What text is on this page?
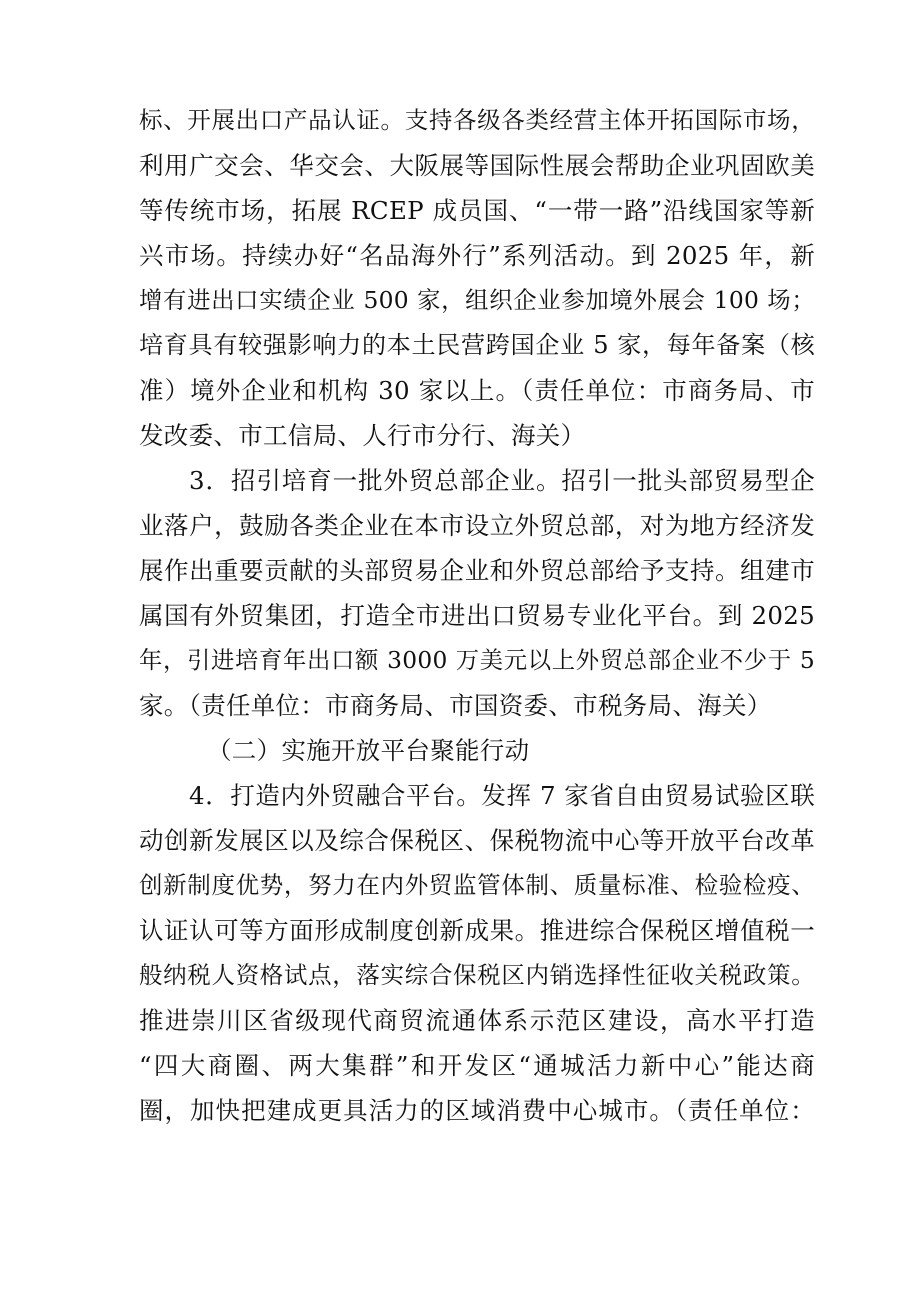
标、开展出口产品认证。支持各级各类经营主体开拓国际市场，
利用广交会、华交会、大阪展等国际性展会帮助企业巩固欧美
等传统市场，拓展 RCEP 成员国、“一带一路”沿线国家等新
兴市场。持续办好“名品海外行”系列活动。到 2025 年，新
增有进出口实绩企业 500 家，组织企业参加境外展会 100 场；
培育具有较强影响力的本土民营跨国企业 5 家，每年备案（核
准）境外企业和机构 30 家以上。（责任单位：市商务局、市
发改委、市工信局、人行市分行、海关）
3．招引培育一批外贸总部企业。招引一批头部贸易型企
业落户，鼓励各类企业在本市设立外贸总部，对为地方经济发
展作出重要贡献的头部贸易企业和外贸总部给予支持。组建市
属国有外贸集团，打造全市进出口贸易专业化平台。到 2025
年，引进培育年出口额 3000 万美元以上外贸总部企业不少于 5
家。（责任单位：市商务局、市国资委、市税务局、海关）
（二）实施开放平台聚能行动
4．打造内外贸融合平台。发挥 7 家省自由贸易试验区联
动创新发展区以及综合保税区、保税物流中心等开放平台改革
创新制度优势，努力在内外贸监管体制、质量标准、检验检疫、
认证认可等方面形成制度创新成果。推进综合保税区增值税一
般纳税人资格试点，落实综合保税区内销选择性征收关税政策。
推进崇川区省级现代商贸流通体系示范区建设，高水平打造
“四大商圈、两大集群”和开发区“通城活力新中心”能达商
圈，加快把建成更具活力的区域消费中心城市。（责任单位：
